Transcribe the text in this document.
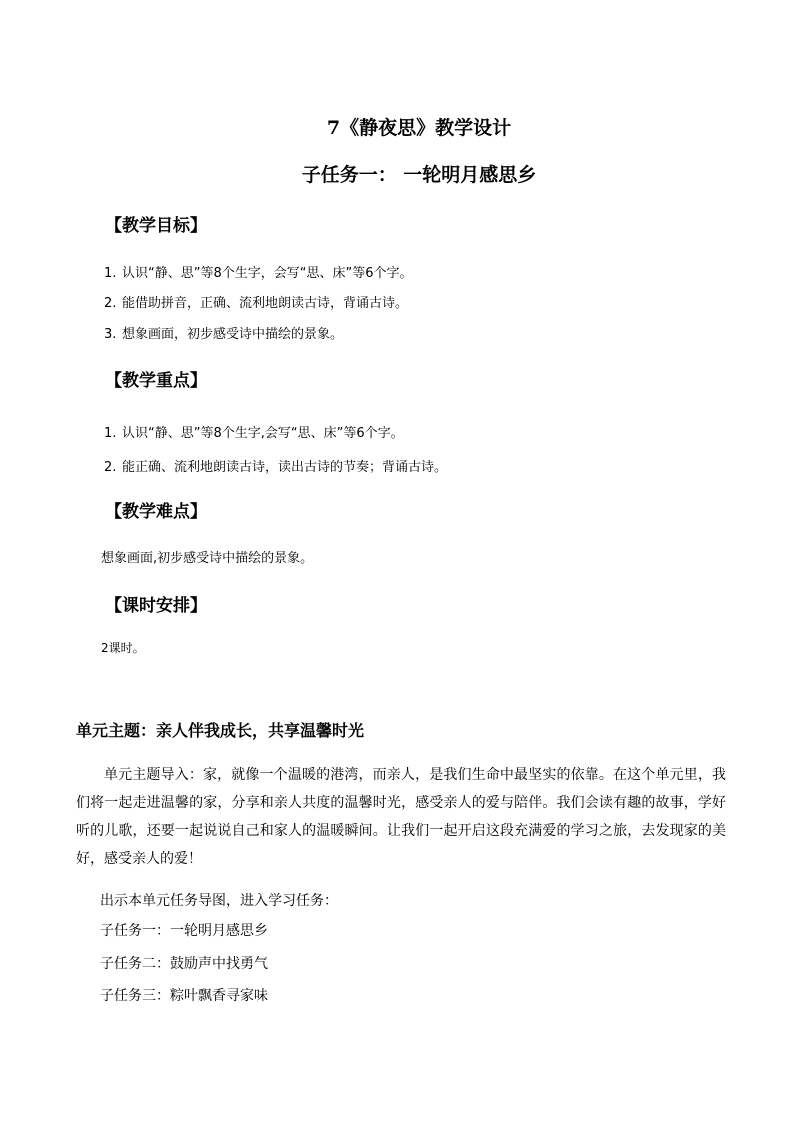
7《静夜思》教学设计
子任务一： 一轮明月感思乡
【教学目标】
1. 认识“静、思”等8个生字，会写“思、床”等6个字。
2. 能借助拼音，正确、流利地朗读古诗，背诵古诗。
3. 想象画面，初步感受诗中描绘的景象。
【教学重点】
1. 认识“静、思”等8个生字,会写“思、床”等6个字。
2. 能正确、流利地朗读古诗，读出古诗的节奏；背诵古诗。
【教学难点】
想象画面,初步感受诗中描绘的景象。
【课时安排】
2课时。
单元主题：亲人伴我成长，共享温馨时光
单元主题导入：家，就像一个温暖的港湾，而亲人，是我们生命中最坚实的依靠。在这个单元里，我们将一起走进温馨的家，分享和亲人共度的温馨时光，感受亲人的爱与陪伴。我们会读有趣的故事，学好听的儿歌，还要一起说说自己和家人的温暖瞬间。让我们一起开启这段充满爱的学习之旅，去发现家的美好，感受亲人的爱！
出示本单元任务导图，进入学习任务：
子任务一：一轮明月感思乡
子任务二：鼓励声中找勇气
子任务三：粽叶飘香寻家味
